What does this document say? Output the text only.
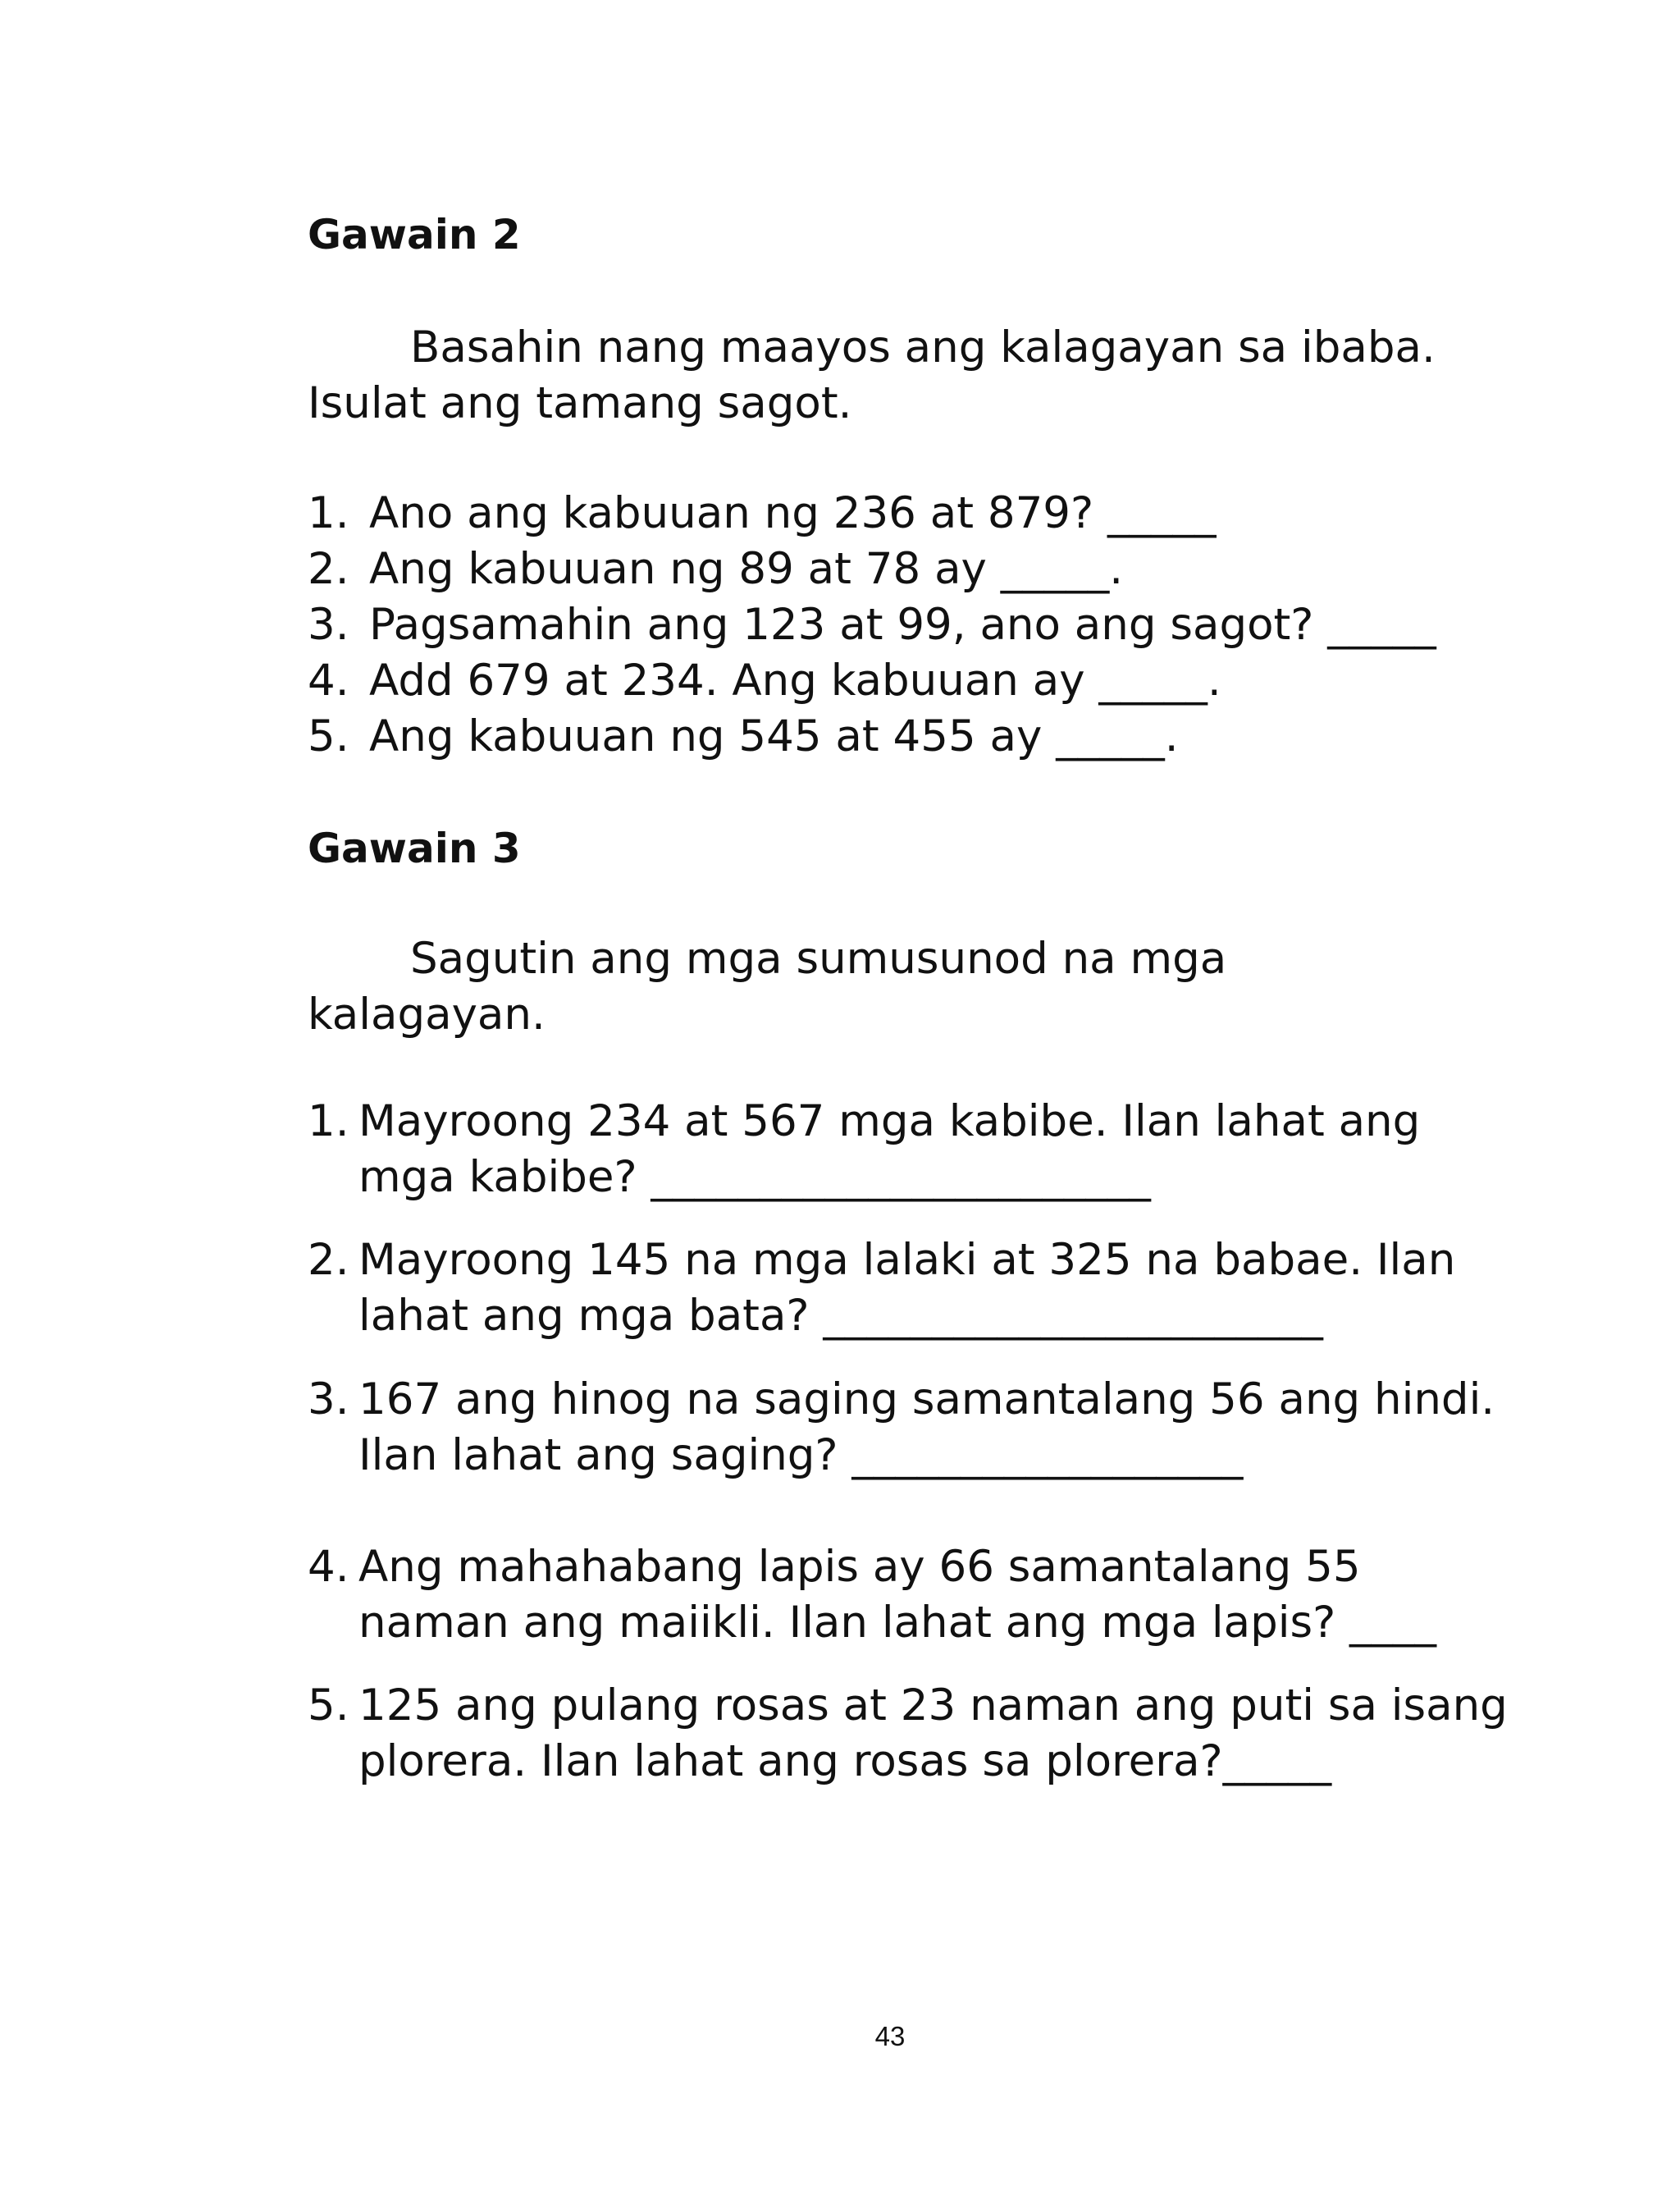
Gawain 2

Basahin nang maayos ang kalagayan sa ibaba. Isulat ang tamang sagot.

1. Ano ang kabuuan ng 236 at 879? _____
2. Ang kabuuan ng 89 at 78 ay _____.
3. Pagsamahin ang 123 at 99, ano ang sagot? _____
4. Add 679 at 234. Ang kabuuan ay _____.
5. Ang kabuuan ng 545 at 455 ay _____.
Gawain 3

Sagutin ang mga sumusunod na mga kalagayan.

1. Mayroong 234 at 567 mga kabibe. Ilan lahat ang mga kabibe? _______________________
2. Mayroong 145 na mga lalaki at 325 na babae. Ilan lahat ang mga bata? _______________________
3. 167 ang hinog na saging samantalang 56 ang hindi. Ilan lahat ang saging? __________________
4. Ang mahahabang lapis ay 66 samantalang 55 naman ang maiikli. Ilan lahat ang mga lapis? ____
5. 125 ang pulang rosas at 23 naman ang puti sa isang plorera. Ilan lahat ang rosas sa plorera?_____

43
